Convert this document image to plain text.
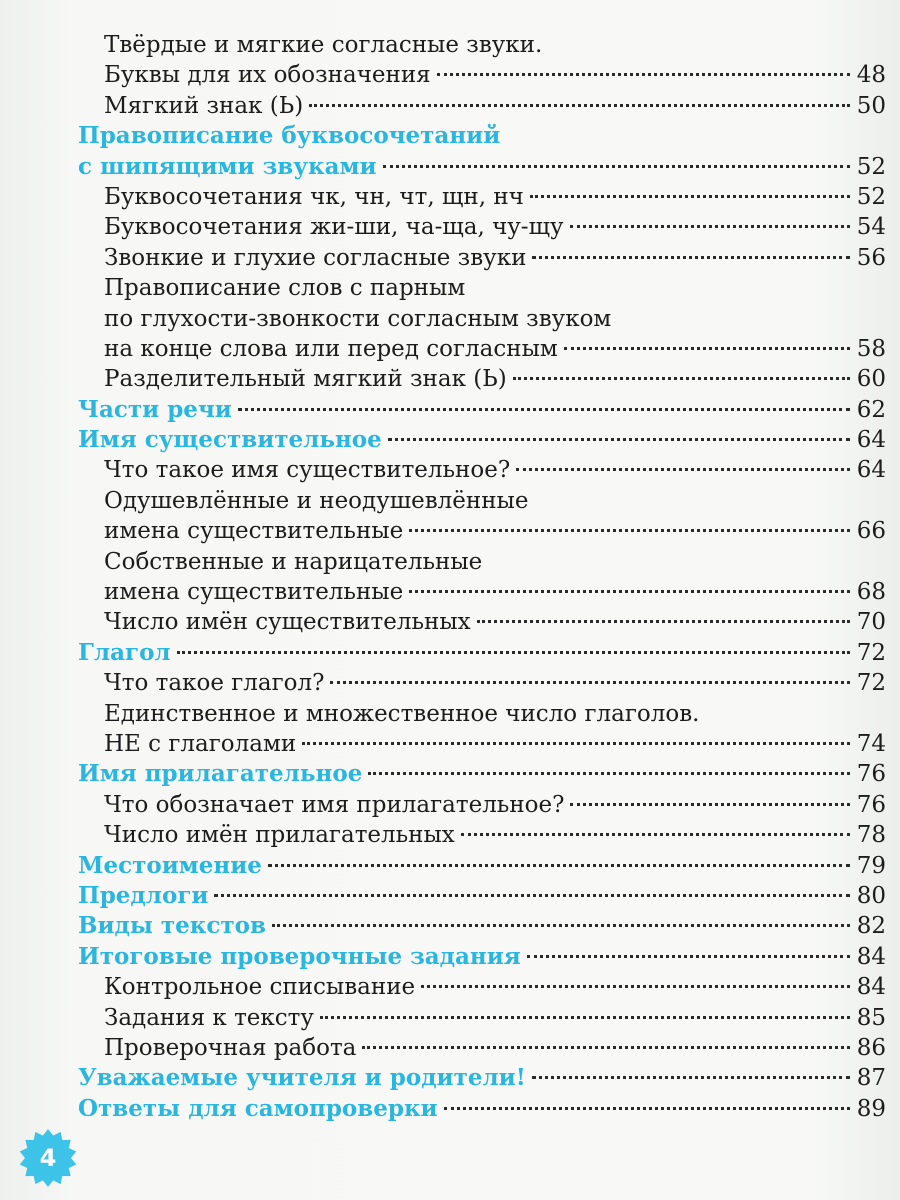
Твёрдые и мягкие согласные звуки.
Буквы для их обозначения	48
Мягкий знак (Ь)	50
Правописание буквосочетаний
с шипящими звуками	52
Буквосочетания чк, чн, чт, щн, нч	52
Буквосочетания жи-ши, ча-ща, чу-щу	54
Звонкие и глухие согласные звуки	56
Правописание слов с парным
по глухости-звонкости согласным звуком
на конце слова или перед согласным	58
Разделительный мягкий знак (Ь)	60
Части речи	62
Имя существительное	64
Что такое имя существительное?	64
Одушевлённые и неодушевлённые
имена существительные	66
Собственные и нарицательные
имена существительные	68
Число имён существительных	70
Глагол	72
Что такое глагол?	72
Единственное и множественное число глаголов.
НЕ с глаголами	74
Имя прилагательное	76
Что обозначает имя прилагательное?	76
Число имён прилагательных	78
Местоимение	79
Предлоги	80
Виды текстов	82
Итоговые проверочные задания	84
Контрольное списывание	84
Задания к тексту	85
Проверочная работа	86
Уважаемые учителя и родители!	87
Ответы для самопроверки	89
4
